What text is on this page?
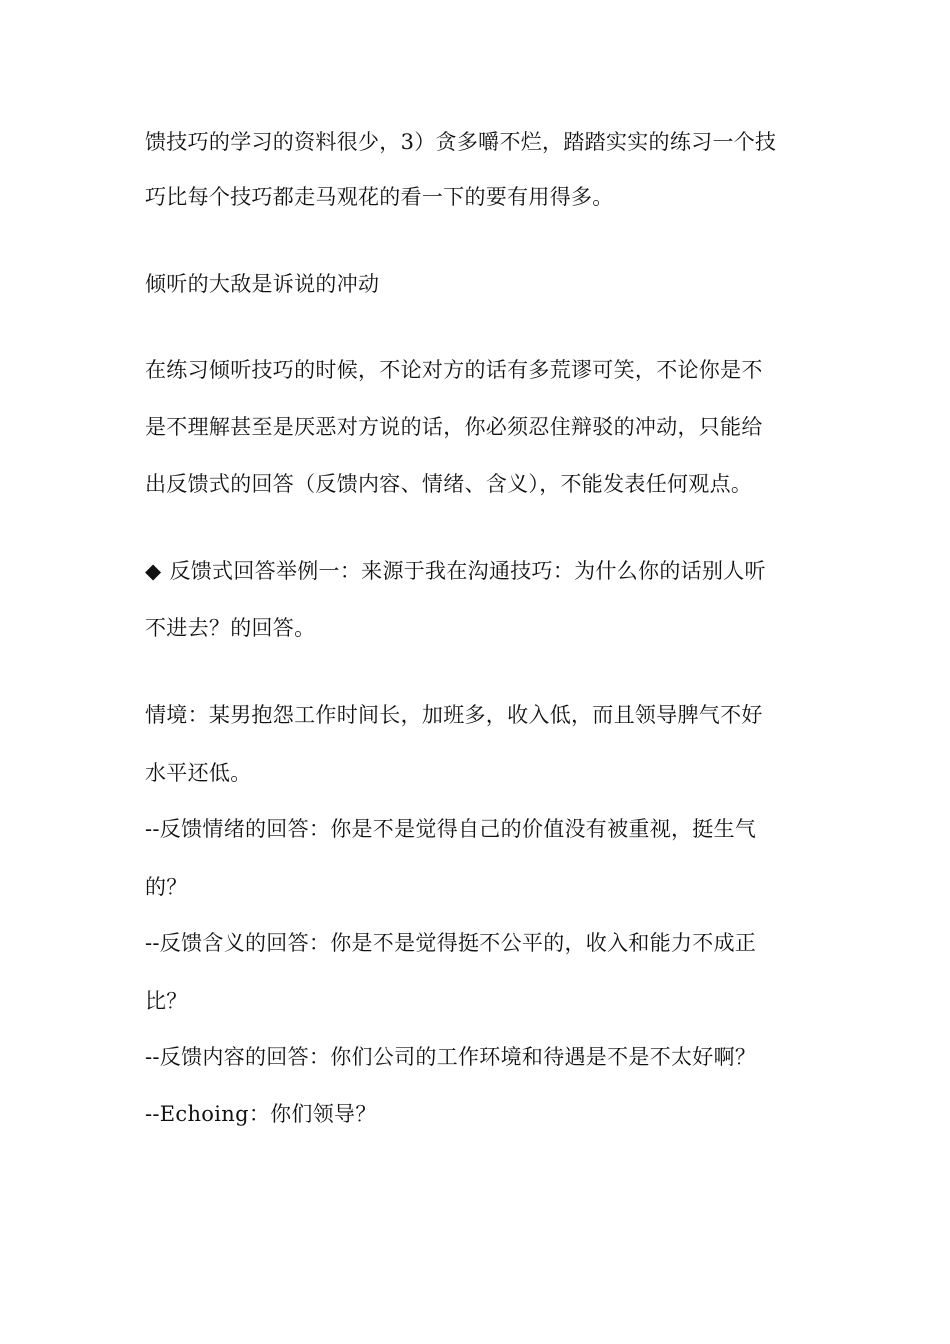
馈技巧的学习的资料很少，3）贪多嚼不烂，踏踏实实的练习一个技
巧比每个技巧都走马观花的看一下的要有用得多。
倾听的大敌是诉说的冲动
在练习倾听技巧的时候，不论对方的话有多荒谬可笑，不论你是不
是不理解甚至是厌恶对方说的话，你必须忍住辩驳的冲动，只能给
出反馈式的回答（反馈内容、情绪、含义），不能发表任何观点。
◆ 反馈式回答举例一：来源于我在沟通技巧：为什么你的话别人听
不进去？的回答。
情境：某男抱怨工作时间长，加班多，收入低，而且领导脾气不好
水平还低。
--反馈情绪的回答：你是不是觉得自己的价值没有被重视，挺生气
的？
--反馈含义的回答：你是不是觉得挺不公平的，收入和能力不成正
比？
--反馈内容的回答：你们公司的工作环境和待遇是不是不太好啊？
--Echoing：你们领导？
